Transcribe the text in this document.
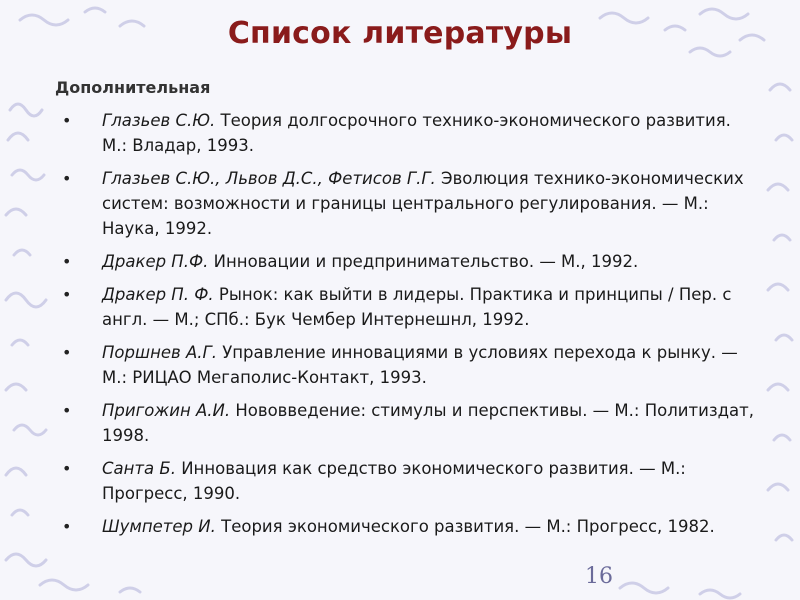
Список литературы
Дополнительная
• Глазьев С.Ю. Теория долгосрочного технико-экономического развития. М.: Владар, 1993.
• Глазьев С.Ю., Львов Д.С., Фетисов Г.Г. Эволюция технико-экономических систем: возможности и границы центрального регулирования. — М.: Наука, 1992.
• Дракер П.Ф. Инновации и предпринимательство. — М., 1992.
• Дракер П. Ф. Рынок: как выйти в лидеры. Практика и принципы / Пер. с англ. — М.; СПб.: Бук Чембер Интернешнл, 1992.
• Поршнев А.Г. Управление инновациями в условиях перехода к рынку. — М.: РИЦАО Мегаполис-Контакт, 1993.
• Пригожин А.И. Нововведение: стимулы и перспективы. — М.: Политиздат, 1998.
• Санта Б. Инновация как средство экономического развития. — М.: Прогресс, 1990.
• Шумпетер И. Теория экономического развития. — М.: Прогресс, 1982.
16
